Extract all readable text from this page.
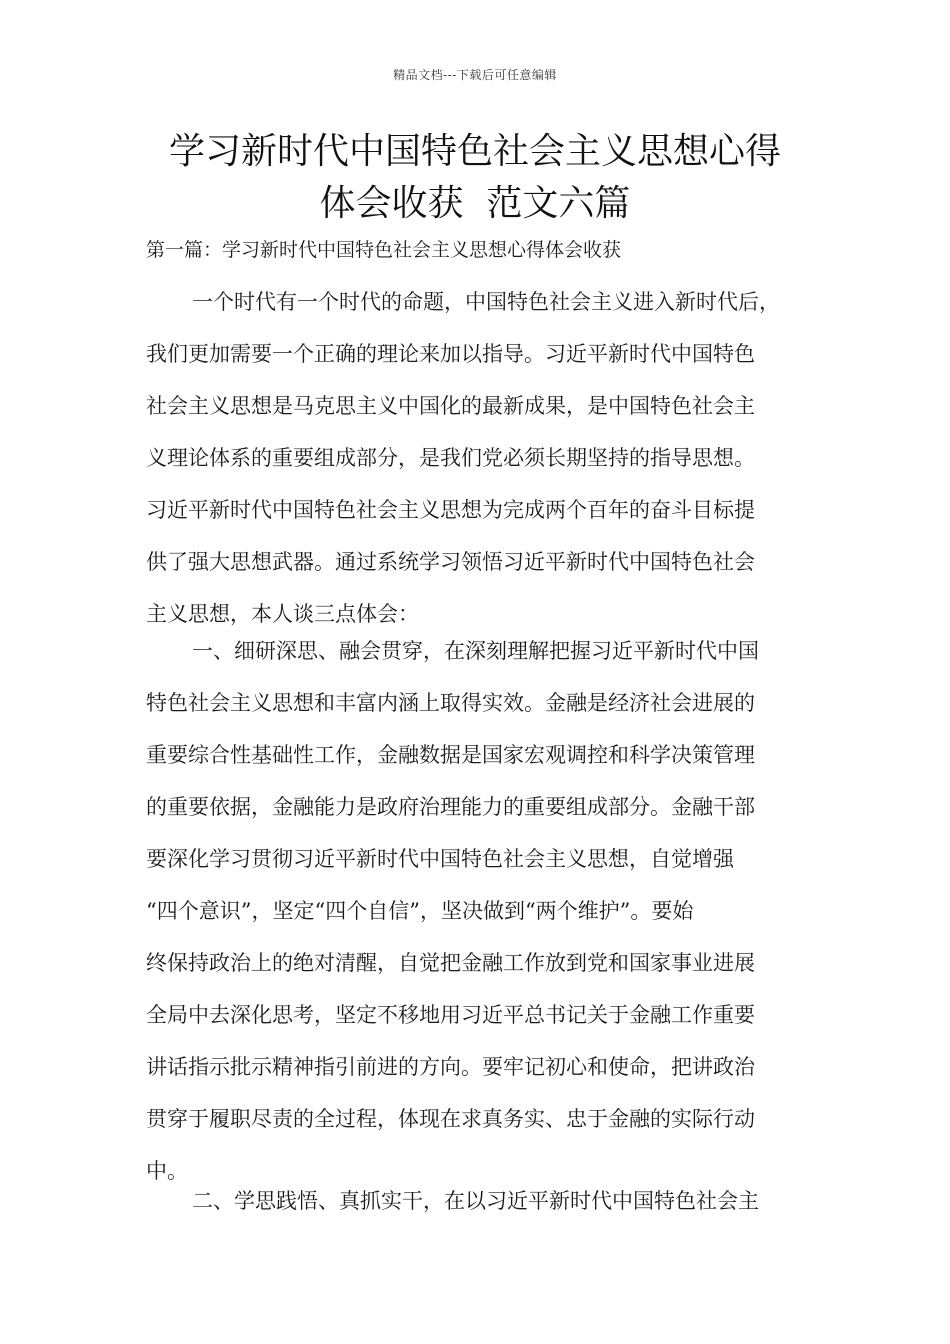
精品文档---下载后可任意编辑
学习新时代中国特色社会主义思想心得
体会收获  范文六篇
第一篇：学习新时代中国特色社会主义思想心得体会收获
一个时代有一个时代的命题，中国特色社会主义进入新时代后，
我们更加需要一个正确的理论来加以指导。习近平新时代中国特色
社会主义思想是马克思主义中国化的最新成果，是中国特色社会主
义理论体系的重要组成部分，是我们党必须长期坚持的指导思想。
习近平新时代中国特色社会主义思想为完成两个百年的奋斗目标提
供了强大思想武器。通过系统学习领悟习近平新时代中国特色社会
主义思想，本人谈三点体会：
一、细研深思、融会贯穿，在深刻理解把握习近平新时代中国
特色社会主义思想和丰富内涵上取得实效。金融是经济社会进展的
重要综合性基础性工作，金融数据是国家宏观调控和科学决策管理
的重要依据，金融能力是政府治理能力的重要组成部分。金融干部
要深化学习贯彻习近平新时代中国特色社会主义思想，自觉增强
“四个意识”，坚定“四个自信”，坚决做到“两个维护”。要始
终保持政治上的绝对清醒，自觉把金融工作放到党和国家事业进展
全局中去深化思考，坚定不移地用习近平总书记关于金融工作重要
讲话指示批示精神指引前进的方向。要牢记初心和使命，把讲政治
贯穿于履职尽责的全过程，体现在求真务实、忠于金融的实际行动
中。
二、学思践悟、真抓实干，在以习近平新时代中国特色社会主
